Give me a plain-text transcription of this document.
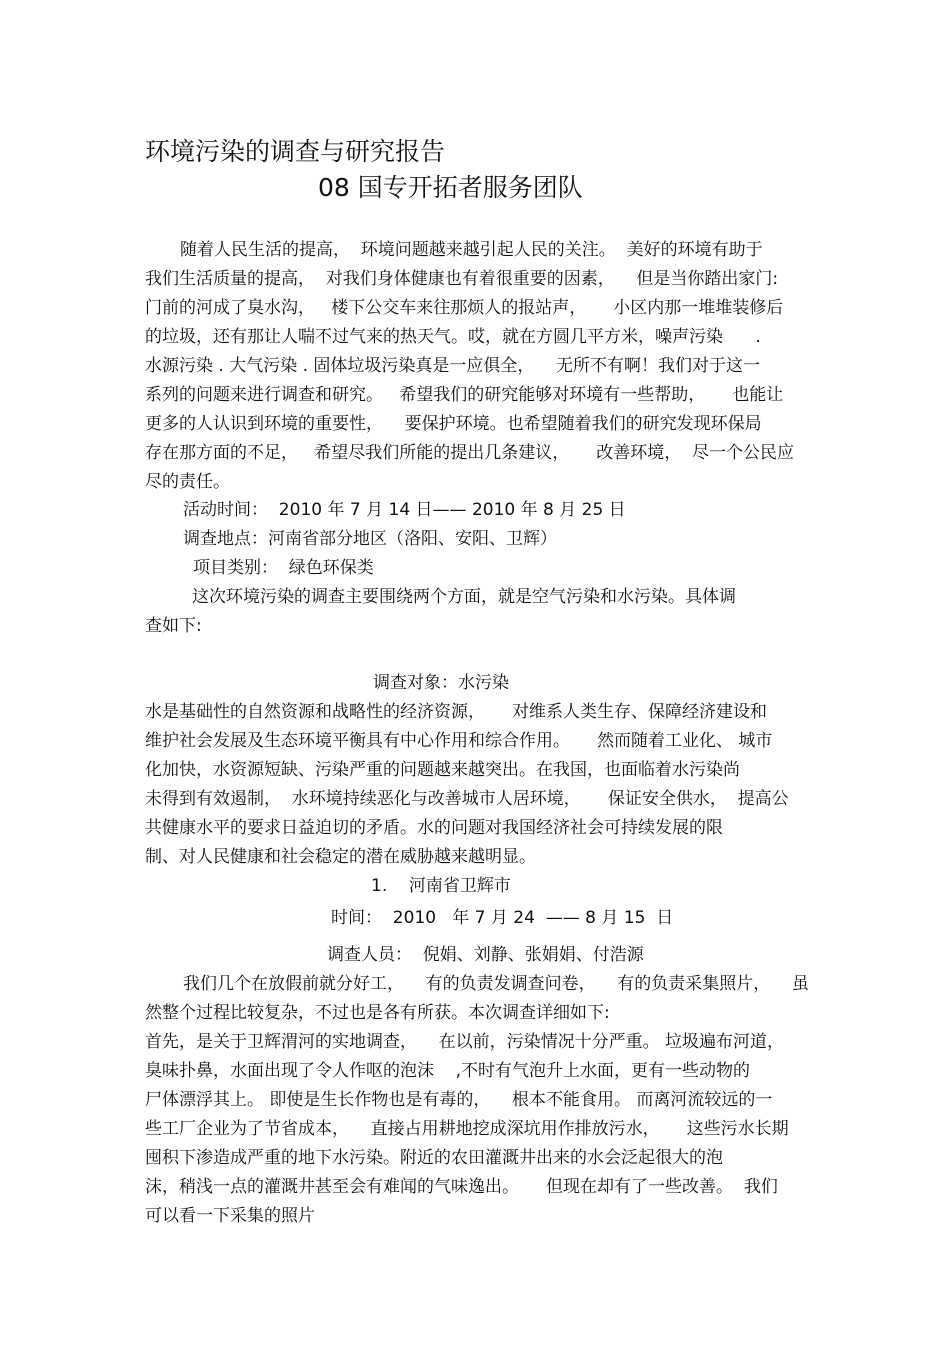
环境污染的调查与研究报告
08 国专开拓者服务团队
随着人民生活的提高，  环境问题越来越引起人民的关注。  美好的环境有助于
我们生活质量的提高，  对我们身体健康也有着很重要的因素，    但是当你踏出家门:
门前的河成了臭水沟，   楼下公交车来往那烦人的报站声，     小区内那一堆堆装修后
的垃圾，还有那让人喘不过气来的热天气。哎，就在方圆几平方米，噪声污染      .
水源污染 . 大气污染 . 固体垃圾污染真是一应俱全，    无所不有啊！我们对于这一
系列的问题来进行调查和研究。   希望我们的研究能够对环境有一些帮助，     也能让
更多的人认识到环境的重要性，    要保护环境。也希望随着我们的研究发现环保局
存在那方面的不足，   希望尽我们所能的提出几条建议，     改善环境，  尽一个公民应
尽的责任。
活动时间：  2010 年 7 月 14 日—— 2010 年 8 月 25 日
调查地点：河南省部分地区（洛阳、安阳、卫辉）
项目类别：  绿色环保类
这次环境污染的调查主要围绕两个方面，就是空气污染和水污染。具体调
查如下:
调查对象：水污染
水是基础性的自然资源和战略性的经济资源，     对维系人类生存、保障经济建设和
维护社会发展及生态环境平衡具有中心作用和综合作用。     然而随着工业化、 城市
化加快，水资源短缺、污染严重的问题越来越突出。在我国，也面临着水污染尚
未得到有效遏制，  水环境持续恶化与改善城市人居环境，     保证安全供水，  提高公
共健康水平的要求日益迫切的矛盾。水的问题对我国经济社会可持续发展的限
制、对人民健康和社会稳定的潜在威胁越来越明显。
1.    河南省卫辉市
时间：  2010   年 7 月 24  —— 8 月 15  日
调查人员：  倪娟、刘静、张娟娟、付浩源
我们几个在放假前就分好工，    有的负责发调查问卷，    有的负责采集照片，    虽
然整个过程比较复杂，不过也是各有所获。本次调查详细如下:
首先，是关于卫辉渭河的实地调查，    在以前，污染情况十分严重。 垃圾遍布河道，
臭味扑鼻，水面出现了令人作呕的泡沫    ,不时有气泡升上水面，更有一些动物的
尸体漂浮其上。 即使是生长作物也是有毒的，    根本不能食用。 而离河流较远的一
些工厂企业为了节省成本，    直接占用耕地挖成深坑用作排放污水，     这些污水长期
囤积下渗造成严重的地下水污染。附近的农田灌溉井出来的水会泛起很大的泡
沫，稍浅一点的灌溉井甚至会有难闻的气味逸出。     但现在却有了一些改善。  我们
可以看一下采集的照片
